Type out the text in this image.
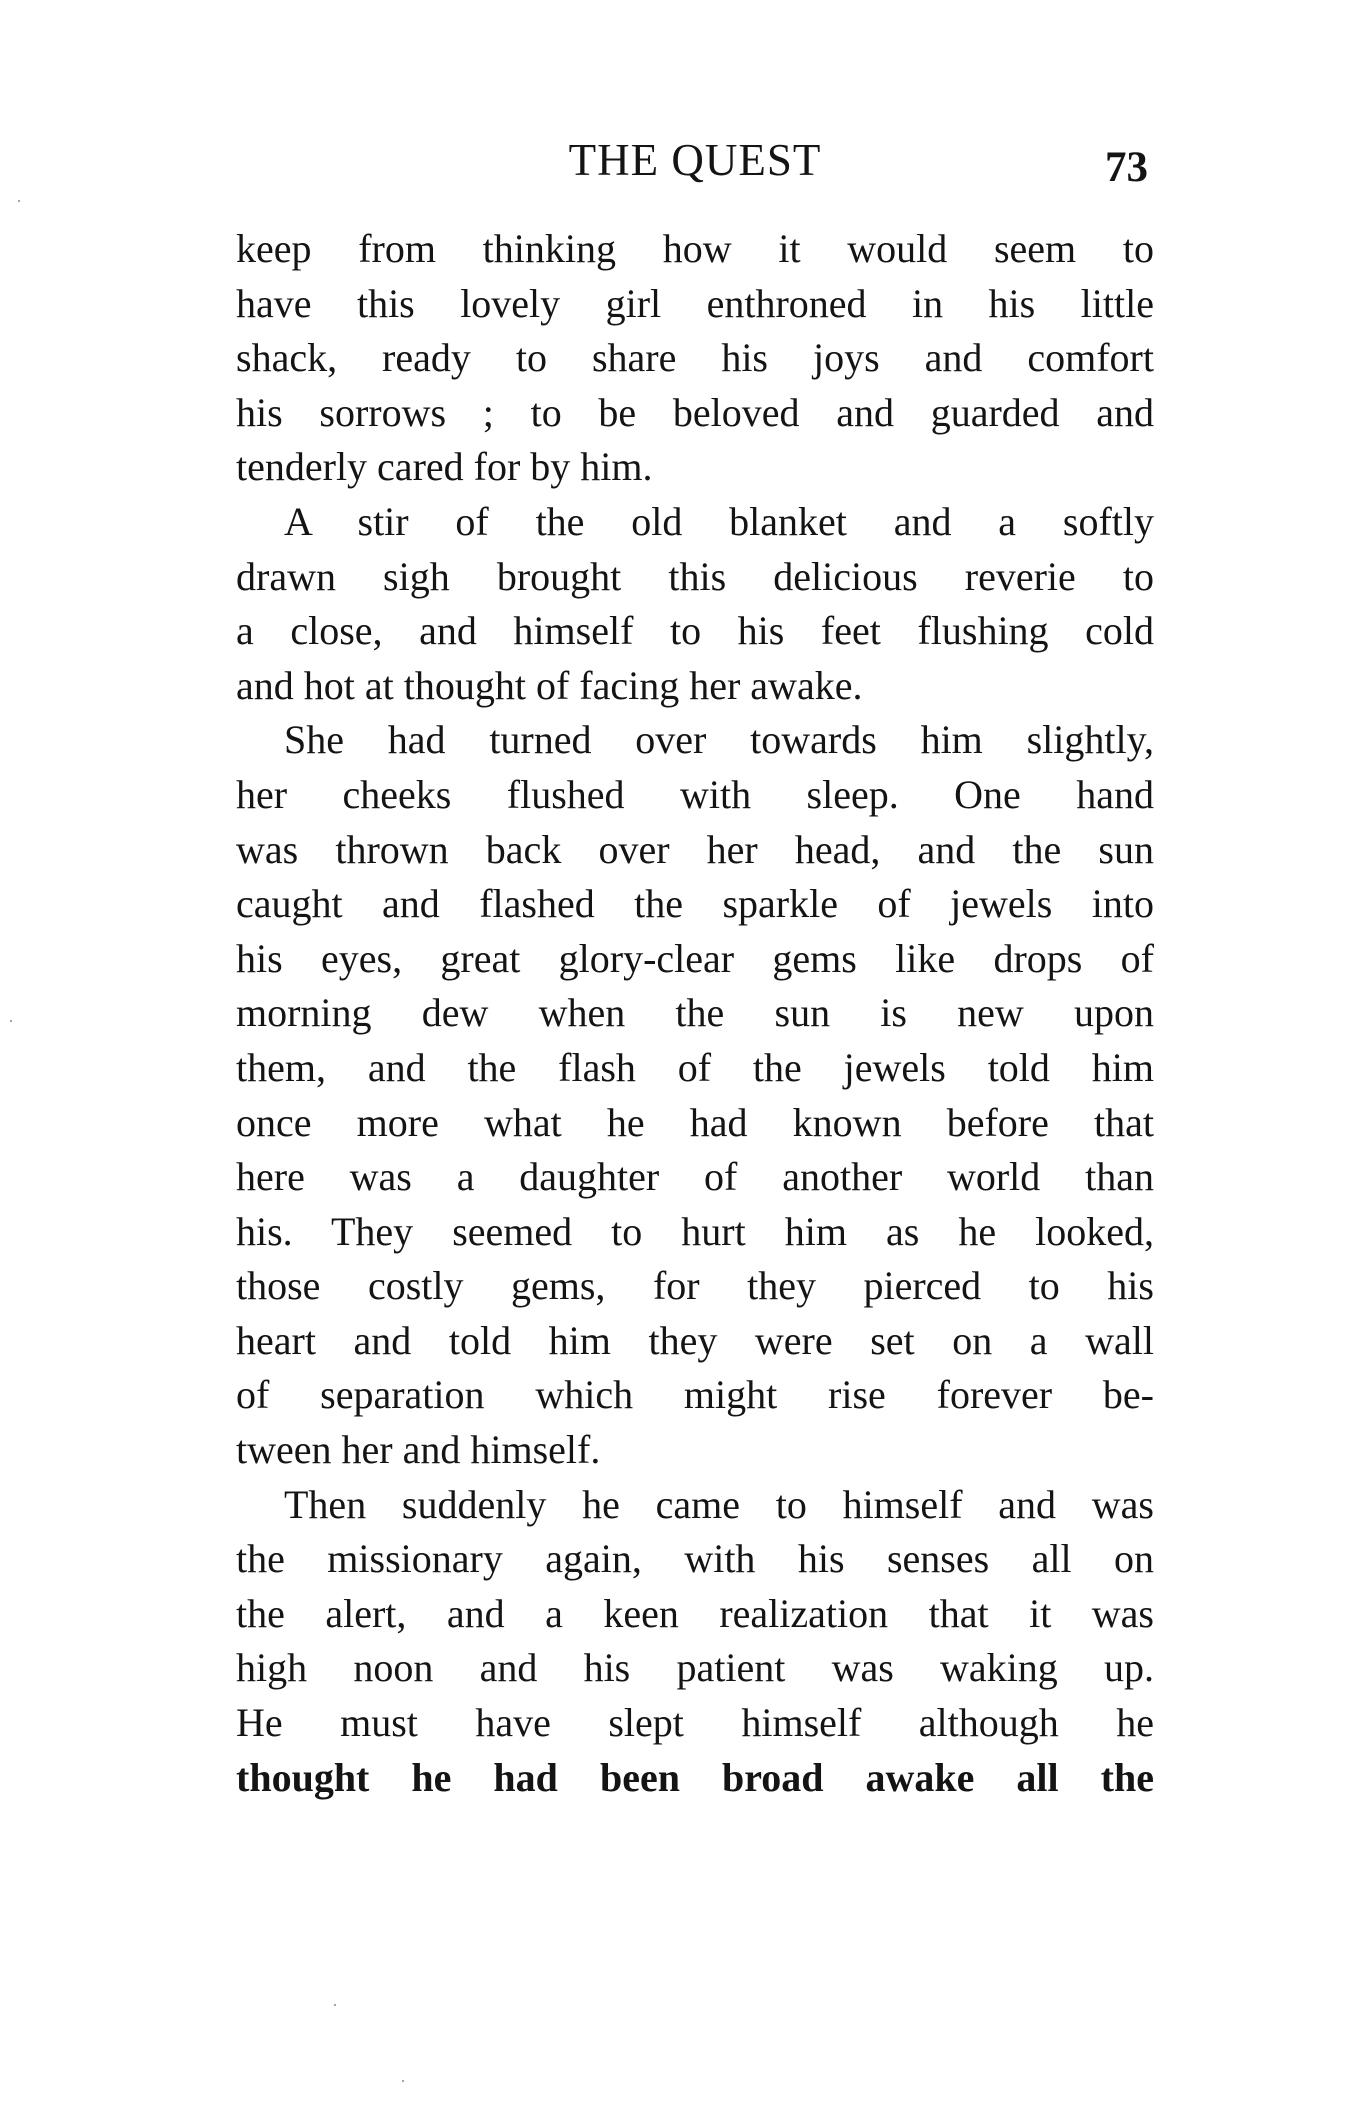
THE QUEST	73
keep from thinking how it would seem to
have this lovely girl enthroned in his little
shack, ready to share his joys and comfort
his sorrows ; to be beloved and guarded and
tenderly cared for by him.
A stir of the old blanket and a softly
drawn sigh brought this delicious reverie to
a close, and himself to his feet flushing cold
and hot at thought of facing her awake.
She had turned over towards him slightly,
her cheeks flushed with sleep. One hand
was thrown back over her head, and the sun
caught and flashed the sparkle of jewels into
his eyes, great glory-clear gems like drops of
morning dew when the sun is new upon
them, and the flash of the jewels told him
once more what he had known before that
here was a daughter of another world than
his. They seemed to hurt him as he looked,
those costly gems, for they pierced to his
heart and told him they were set on a wall
of separation which might rise forever be-
tween her and himself.
Then suddenly he came to himself and was
the missionary again, with his senses all on
the alert, and a keen realization that it was
high noon and his patient was waking up.
He must have slept himself although he
thought he had been broad awake all the
